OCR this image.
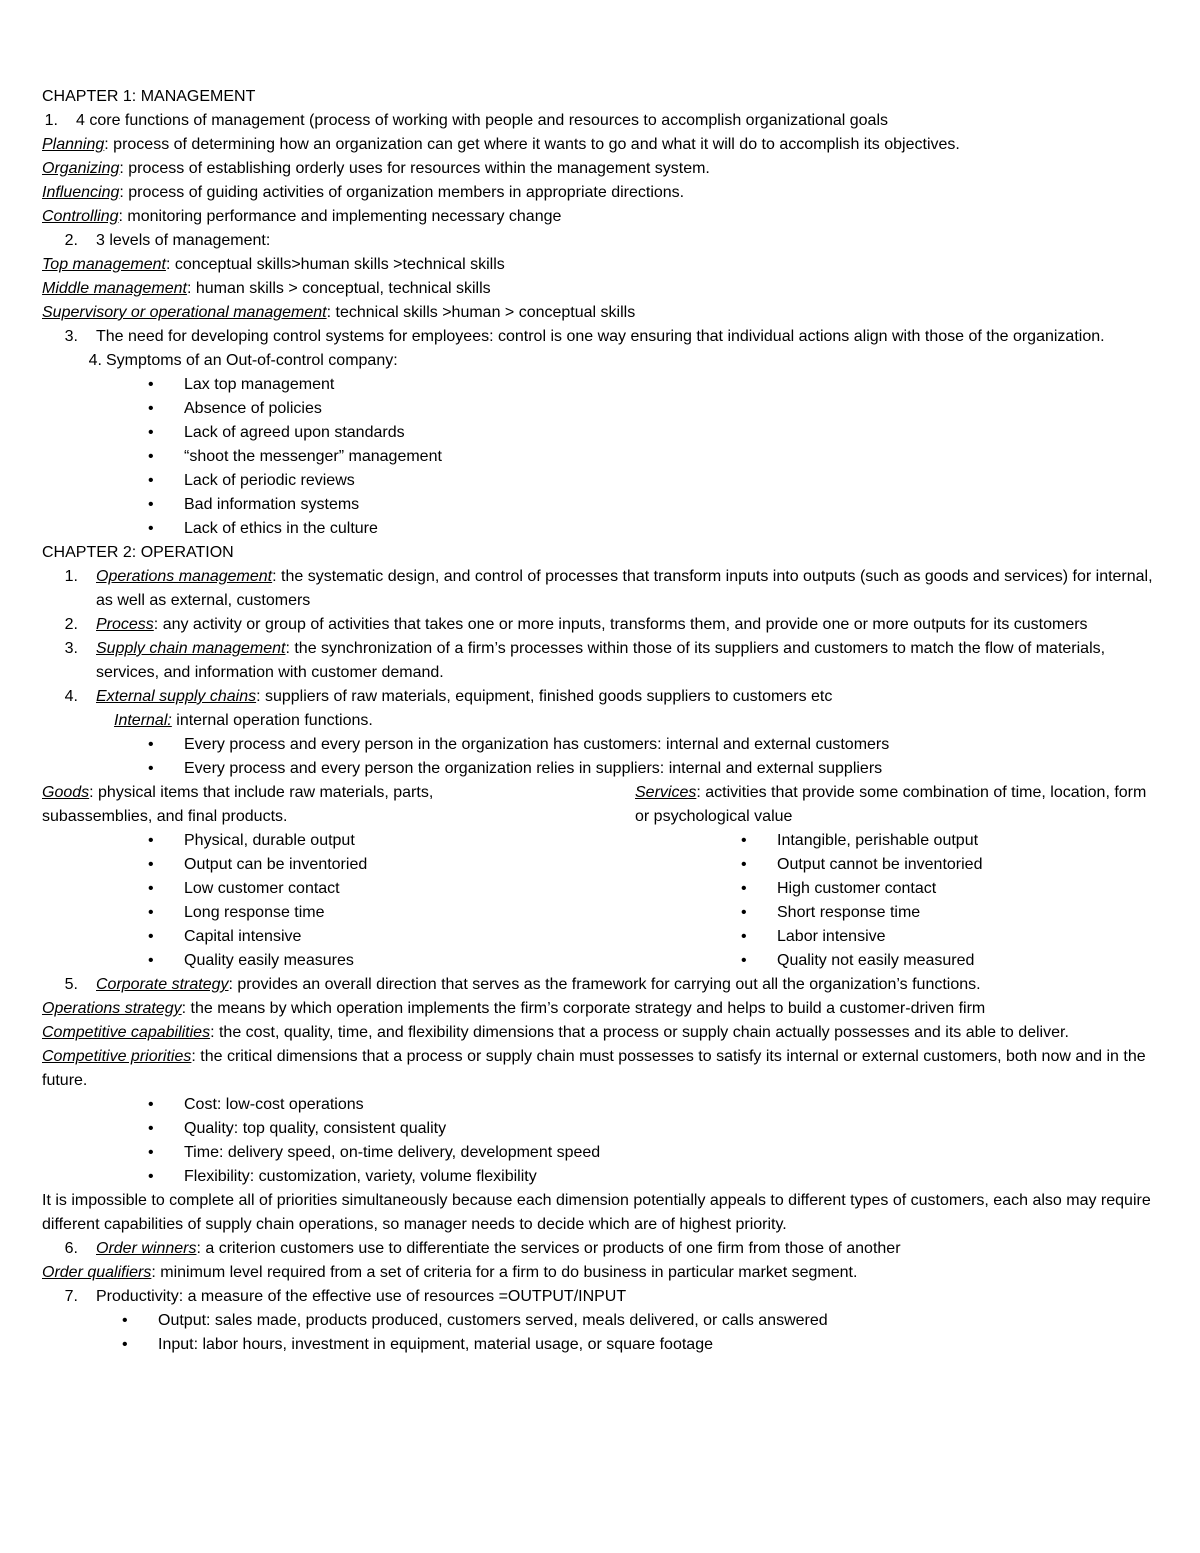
CHAPTER 1: MANAGEMENT
1. 4 core functions of management (process of working with people and resources to accomplish organizational goals
Planning: process of determining how an organization can get where it wants to go and what it will do to accomplish its objectives.
Organizing: process of establishing orderly uses for resources within the management system.
Influencing: process of guiding activities of organization members in appropriate directions.
Controlling: monitoring performance and implementing necessary change
2. 3 levels of management:
Top management: conceptual skills>human skills >technical skills
Middle management: human skills > conceptual, technical skills
Supervisory or operational management: technical skills >human > conceptual skills
3. The need for developing control systems for employees: control is one way ensuring that individual actions align with those of the organization.
4. Symptoms of an Out-of-control company:
• Lax top management
• Absence of policies
• Lack of agreed upon standards
• “shoot the messenger” management
• Lack of periodic reviews
• Bad information systems
• Lack of ethics in the culture
CHAPTER 2: OPERATION
1. Operations management: the systematic design, and control of processes that transform inputs into outputs (such as goods and services) for internal, as well as external, customers
2. Process: any activity or group of activities that takes one or more inputs, transforms them, and provide one or more outputs for its customers
3. Supply chain management: the synchronization of a firm’s processes within those of its suppliers and customers to match the flow of materials, services, and information with customer demand.
4. External supply chains: suppliers of raw materials, equipment, finished goods suppliers to customers etc
Internal: internal operation functions.
• Every process and every person in the organization has customers: internal and external customers
• Every process and every person the organization relies in suppliers: internal and external suppliers
Goods: physical items that include raw materials, parts, subassemblies, and final products.
• Physical, durable output
• Output can be inventoried
• Low customer contact
• Long response time
• Capital intensive
• Quality easily measures
Services: activities that provide some combination of time, location, form or psychological value
• Intangible, perishable output
• Output cannot be inventoried
• High customer contact
• Short response time
• Labor intensive
• Quality not easily measured
5. Corporate strategy: provides an overall direction that serves as the framework for carrying out all the organization’s functions.
Operations strategy: the means by which operation implements the firm’s corporate strategy and helps to build a customer-driven firm
Competitive capabilities: the cost, quality, time, and flexibility dimensions that a process or supply chain actually possesses and its able to deliver.
Competitive priorities: the critical dimensions that a process or supply chain must possesses to satisfy its internal or external customers, both now and in the future.
• Cost: low-cost operations
• Quality: top quality, consistent quality
• Time: delivery speed, on-time delivery, development speed
• Flexibility: customization, variety, volume flexibility
It is impossible to complete all of priorities simultaneously because each dimension potentially appeals to different types of customers, each also may require different capabilities of supply chain operations, so manager needs to decide which are of highest priority.
6. Order winners: a criterion customers use to differentiate the services or products of one firm from those of another
Order qualifiers: minimum level required from a set of criteria for a firm to do business in particular market segment.
7. Productivity: a measure of the effective use of resources =OUTPUT/INPUT
• Output: sales made, products produced, customers served, meals delivered, or calls answered
• Input: labor hours, investment in equipment, material usage, or square footage
